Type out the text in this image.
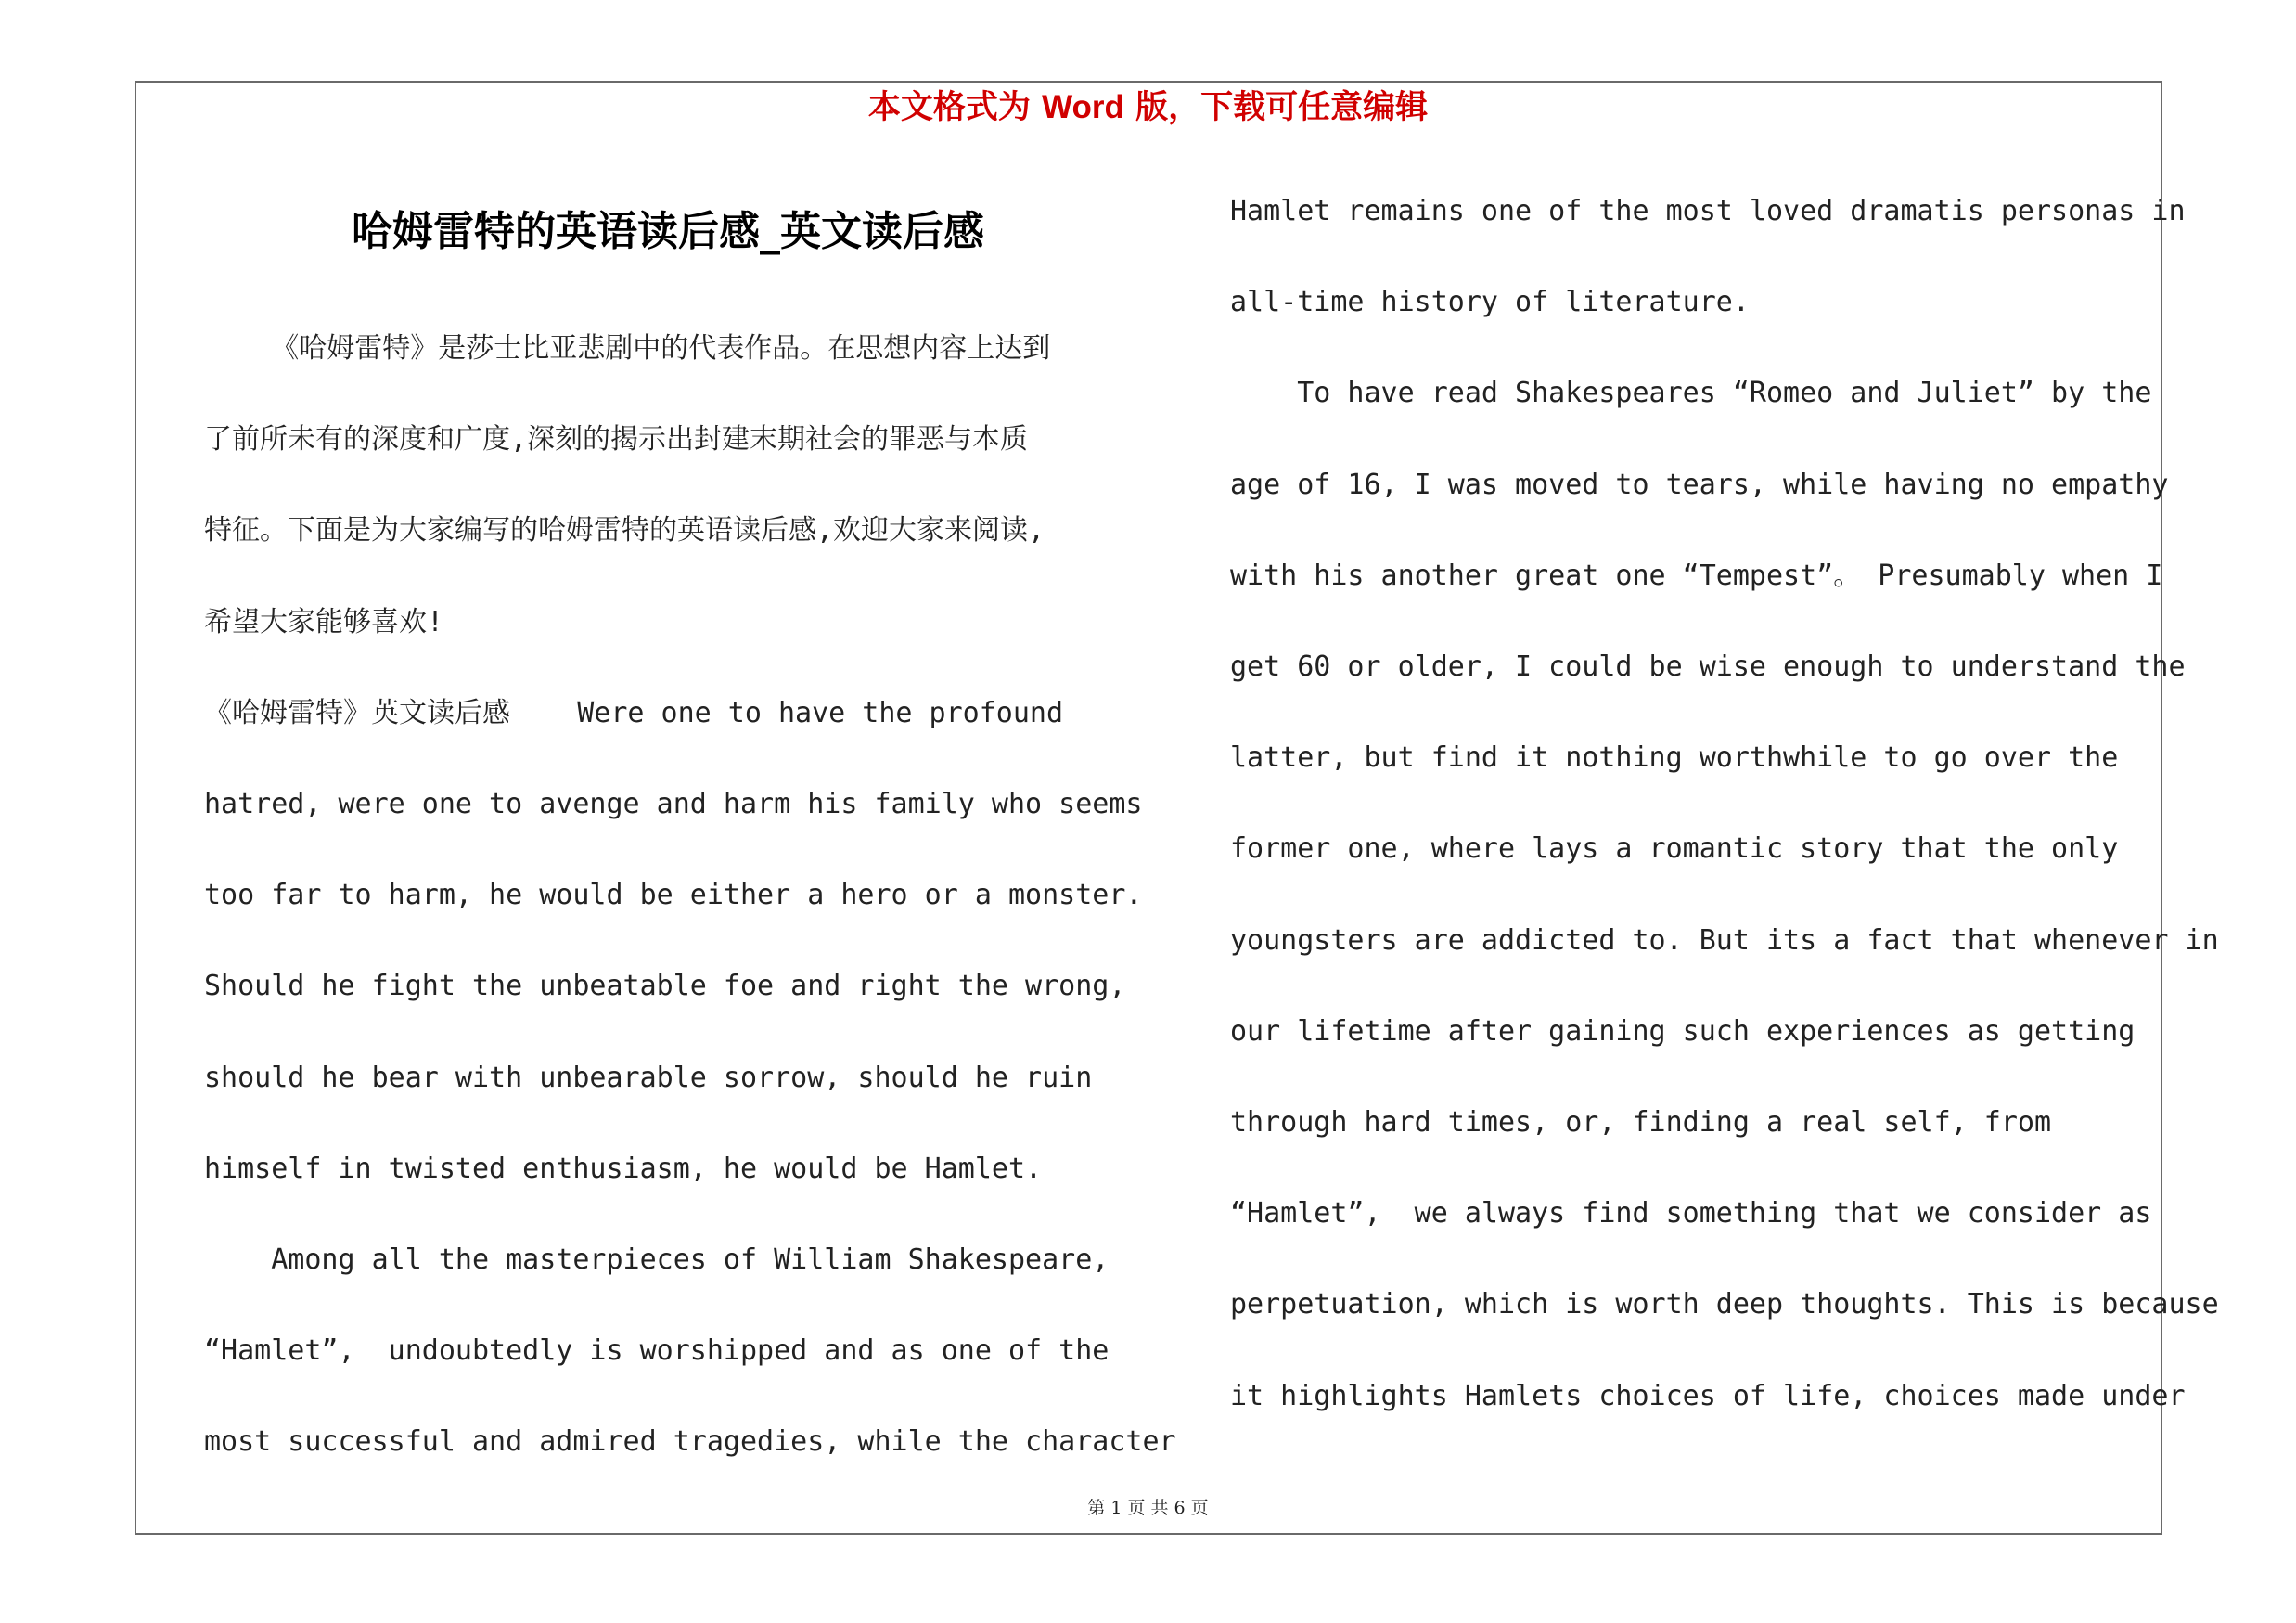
本文格式为 Word 版，下载可任意编辑
哈姆雷特的英语读后感_英文读后感
《哈姆雷特》是莎士比亚悲剧中的代表作品。在思想内容上达到
了前所未有的深度和广度,深刻的揭示出封建末期社会的罪恶与本质
特征。下面是为大家编写的哈姆雷特的英语读后感,欢迎大家来阅读,
希望大家能够喜欢!
《哈姆雷特》英文读后感    Were one to have the profound
hatred, were one to avenge and harm his family who seems
too far to harm, he would be either a hero or a monster.
Should he fight the unbeatable foe and right the wrong,
should he bear with unbearable sorrow, should he ruin
himself in twisted enthusiasm, he would be Hamlet.
Among all the masterpieces of William Shakespeare,
“Hamlet”,  undoubtedly is worshipped and as one of the
most successful and admired tragedies, while the character
Hamlet remains one of the most loved dramatis personas in
all-time history of literature.
To have read Shakespeares “Romeo and Juliet” by the
age of 16, I was moved to tears, while having no empathy
with his another great one “Tempest”。 Presumably when I
get 60 or older, I could be wise enough to understand the
latter, but find it nothing worthwhile to go over the
former one, where lays a romantic story that the only
youngsters are addicted to. But its a fact that whenever in
our lifetime after gaining such experiences as getting
through hard times, or, finding a real self, from
“Hamlet”,  we always find something that we consider as
perpetuation, which is worth deep thoughts. This is because
it highlights Hamlets choices of life, choices made under
第 1 页 共 6 页
